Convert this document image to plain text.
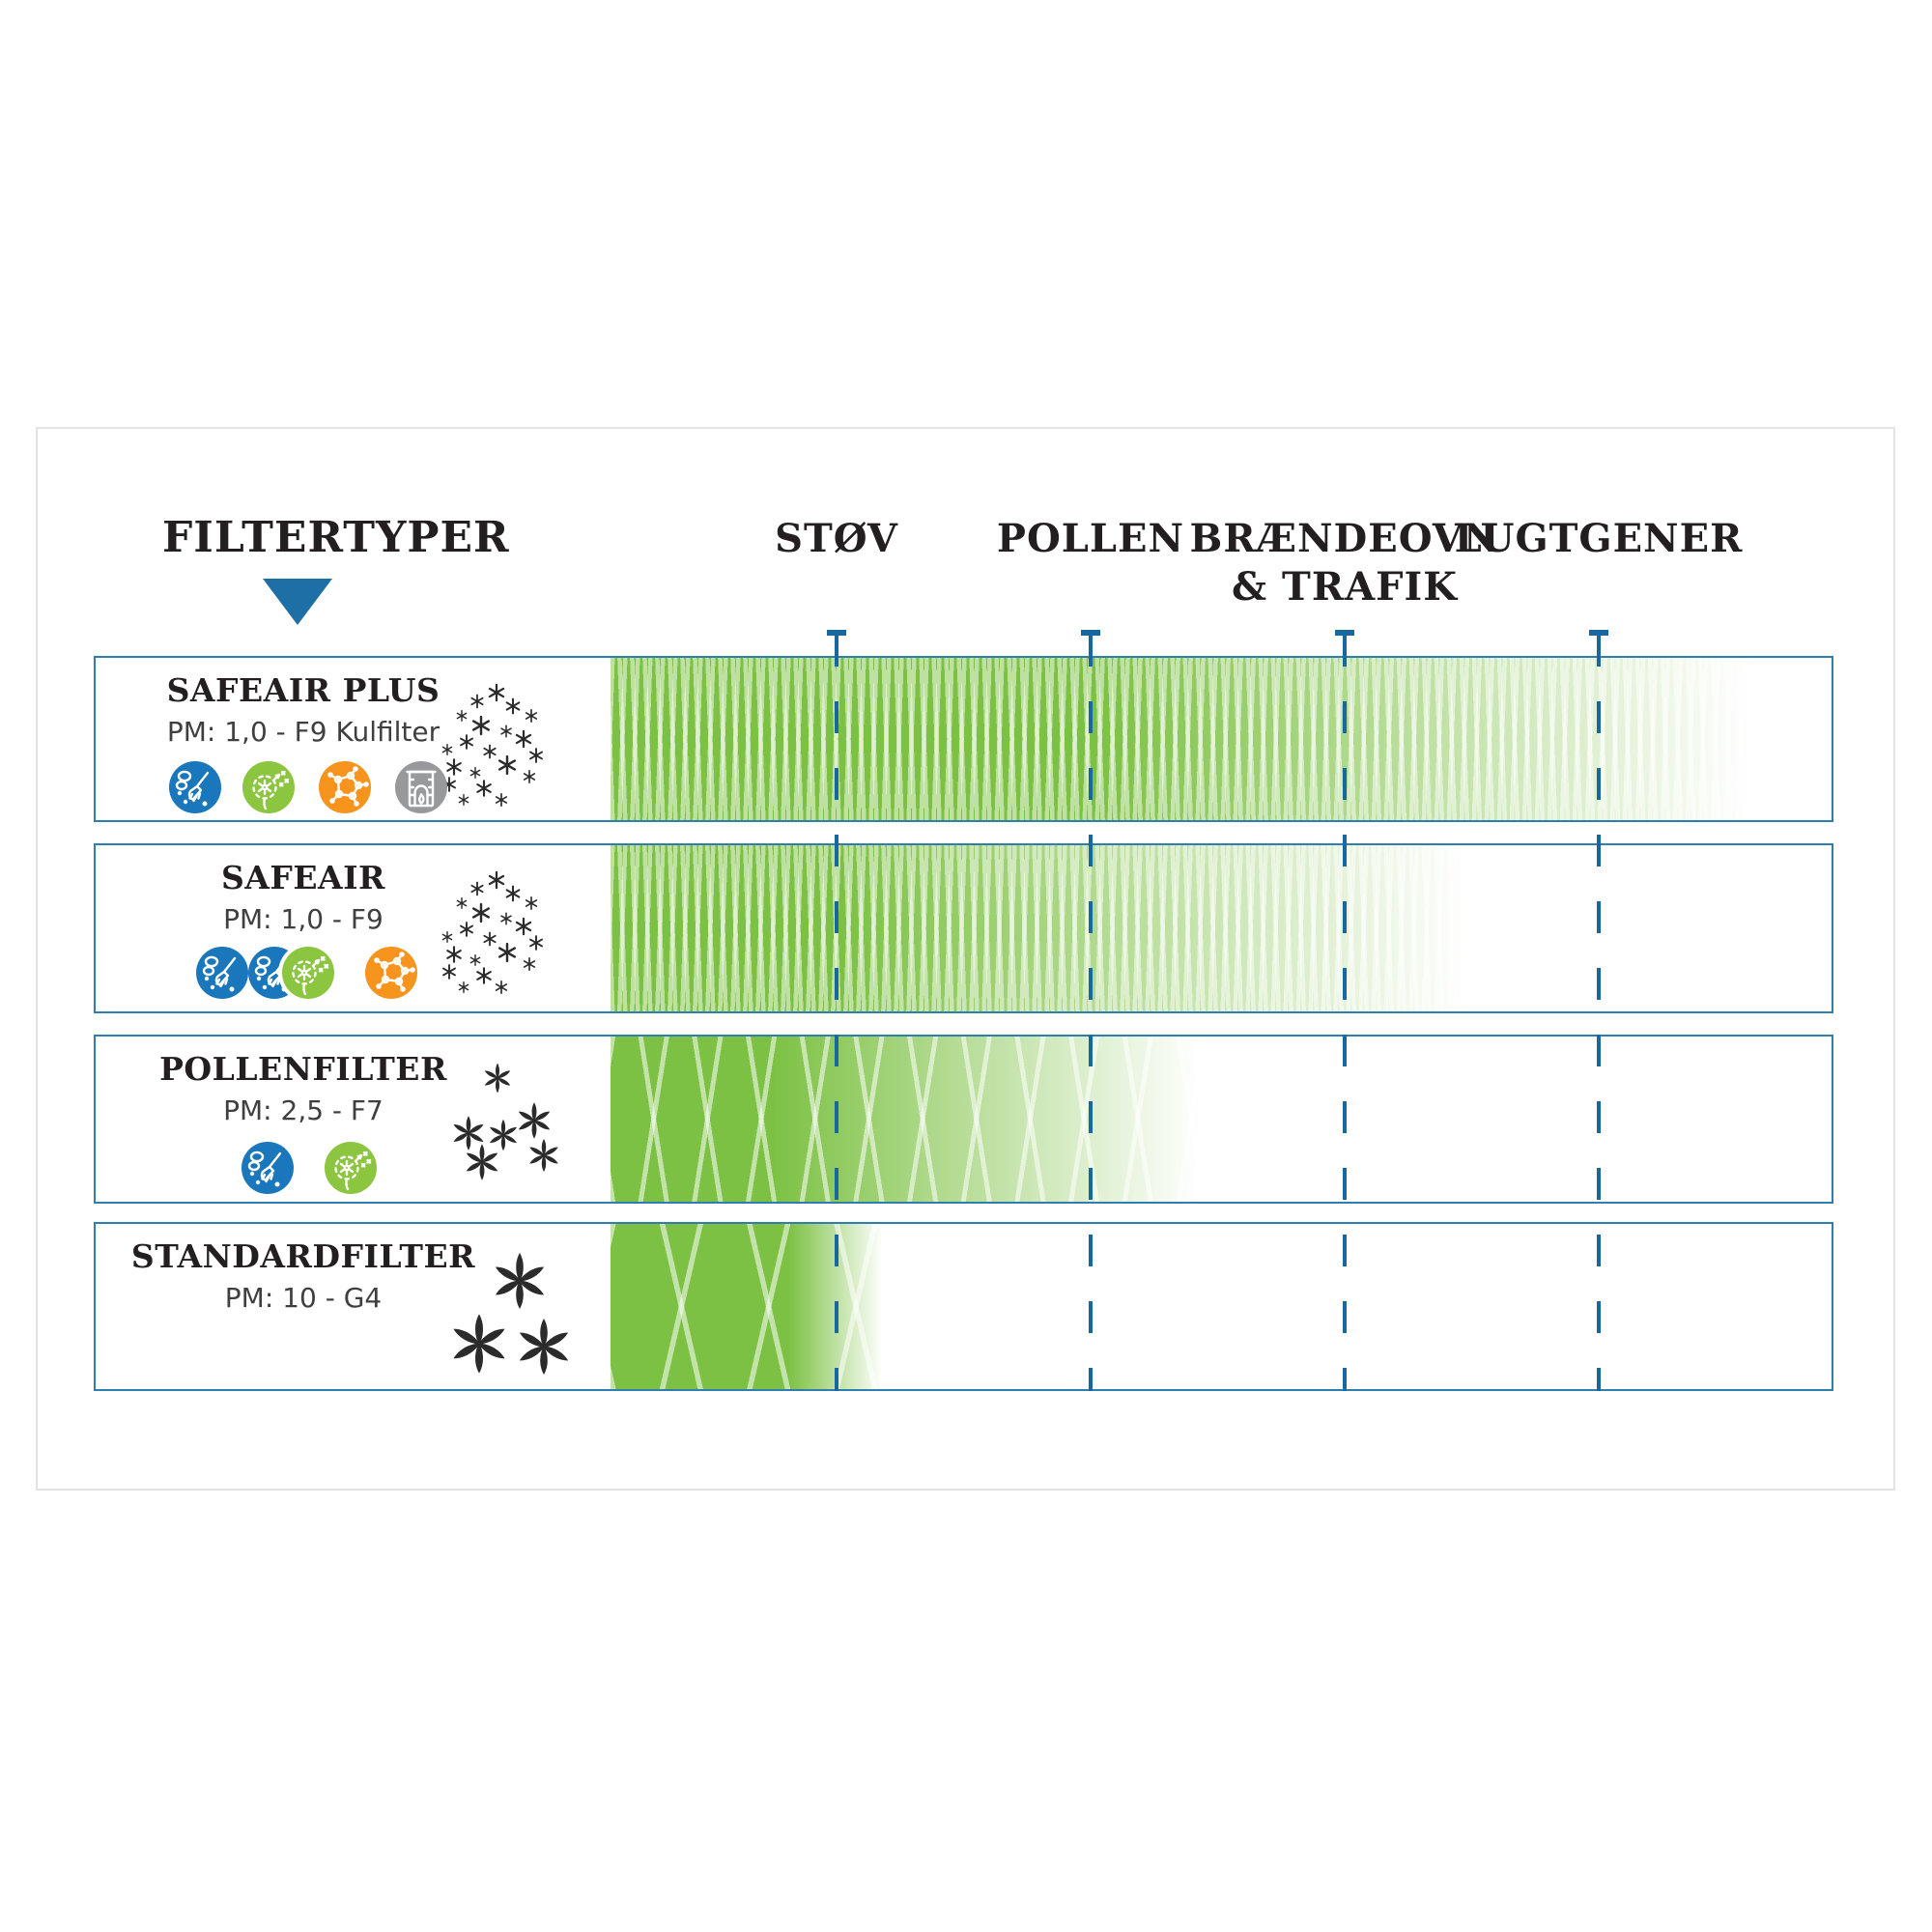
FILTERTYPER	STØV	POLLEN BRÆNDEOVN
& TRAFIK
LUGTGENER
SAFEAIR PLUS
PM: 1,0 - F9 Kulfilter
SAFEAIR
PM: 1,0 - F9
POLLENFILTER
PM: 2,5 - F7
STANDARDFILTER
PM: 10 - G4
